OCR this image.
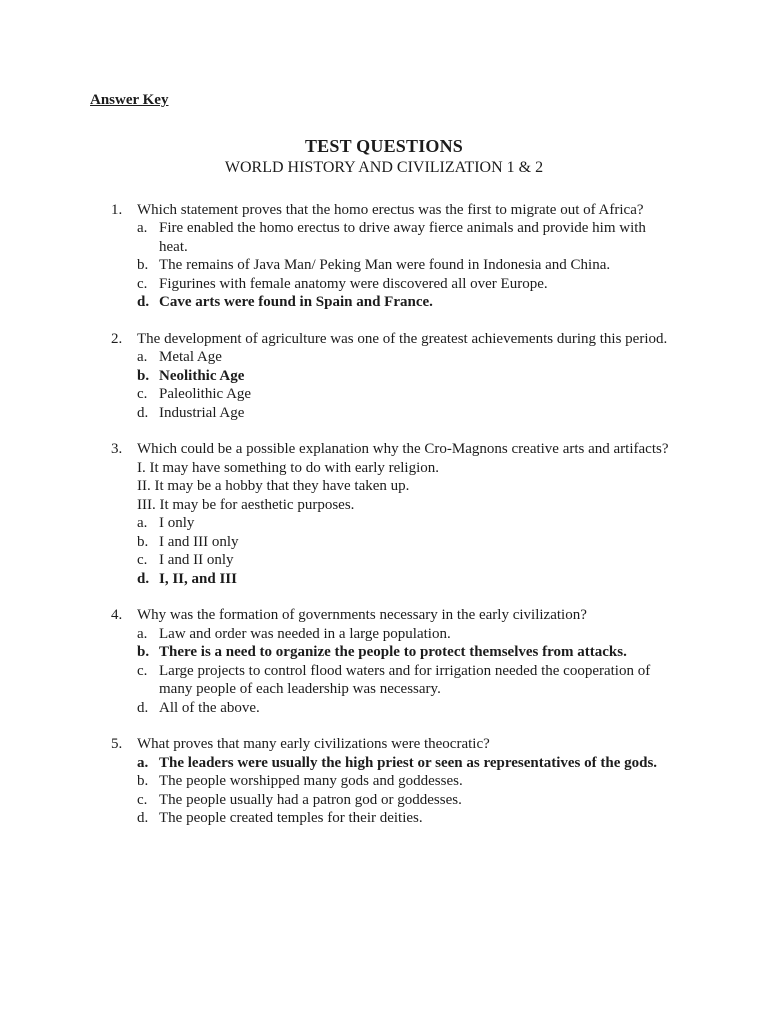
Answer Key
TEST QUESTIONS
WORLD HISTORY AND CIVILIZATION 1 & 2
1. Which statement proves that the homo erectus was the first to migrate out of Africa?
a. Fire enabled the homo erectus to drive away fierce animals and provide him with heat.
b. The remains of Java Man/ Peking Man were found in Indonesia and China.
c. Figurines with female anatomy were discovered all over Europe.
d. Cave arts were found in Spain and France.
2. The development of agriculture was one of the greatest achievements during this period.
a. Metal Age
b. Neolithic Age
c. Paleolithic Age
d. Industrial Age
3. Which could be a possible explanation why the Cro-Magnons creative arts and artifacts?
I. It may have something to do with early religion.
II. It may be a hobby that they have taken up.
III. It may be for aesthetic purposes.
a. I only
b. I and III only
c. I and II only
d. I, II, and III
4. Why was the formation of governments necessary in the early civilization?
a. Law and order was needed in a large population.
b. There is a need to organize the people to protect themselves from attacks.
c. Large projects to control flood waters and for irrigation needed the cooperation of many people of each leadership was necessary.
d. All of the above.
5. What proves that many early civilizations were theocratic?
a. The leaders were usually the high priest or seen as representatives of the gods.
b. The people worshipped many gods and goddesses.
c. The people usually had a patron god or goddesses.
d. The people created temples for their deities.
